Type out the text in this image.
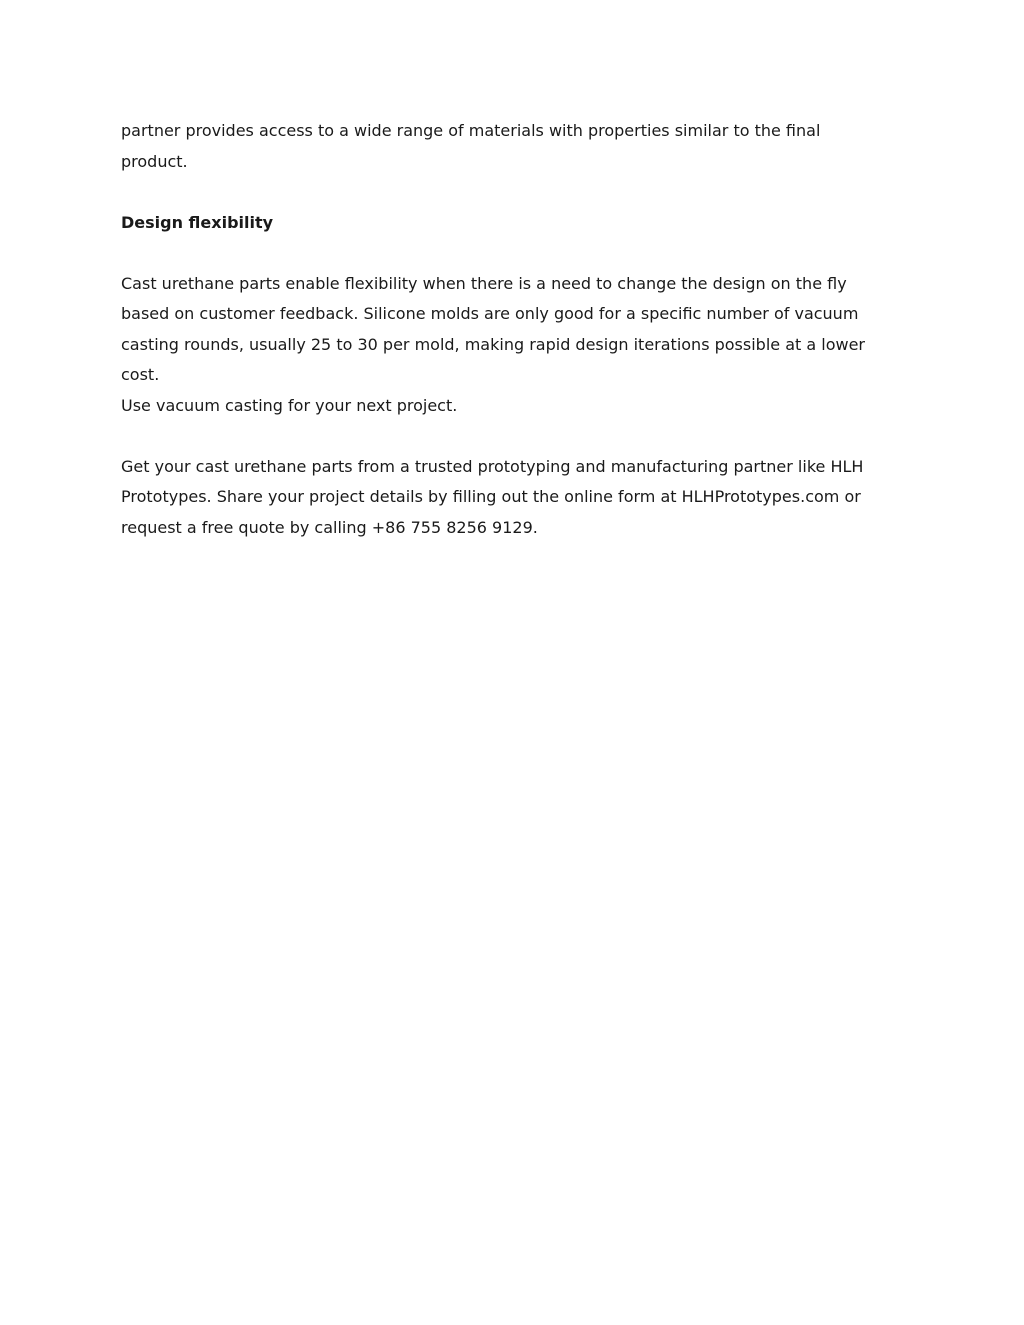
partner provides access to a wide range of materials with properties similar to the final

product.

Design flexibility

Cast urethane parts enable flexibility when there is a need to change the design on the fly

based on customer feedback. Silicone molds are only good for a specific number of vacuum

casting rounds, usually 25 to 30 per mold, making rapid design iterations possible at a lower

cost.

Use vacuum casting for your next project.

Get your cast urethane parts from a trusted prototyping and manufacturing partner like HLH

Prototypes. Share your project details by filling out the online form at HLHPrototypes.com or

request a free quote by calling +86 755 8256 9129.
